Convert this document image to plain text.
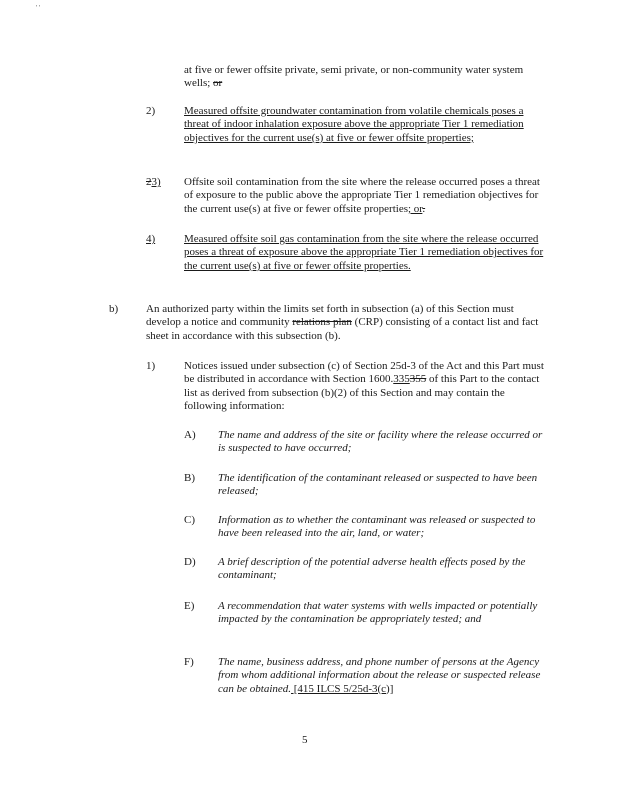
' '
at five or fewer offsite private, semi private, or non-community water system wells; or
2)	Measured offsite groundwater contamination from volatile chemicals poses a threat of indoor inhalation exposure above the appropriate Tier 1 remediation objectives for the current use(s) at five or fewer offsite properties;
23) Offsite soil contamination from the site where the release occurred poses a threat of exposure to the public above the appropriate Tier 1 remediation objectives for the current use(s) at five or fewer offsite properties; or.
4)	Measured offsite soil gas contamination from the site where the release occurred poses a threat of exposure above the appropriate Tier 1 remediation objectives for the current use(s) at five or fewer offsite properties.
b)	An authorized party within the limits set forth in subsection (a) of this Section must develop a notice and community relations plan (CRP) consisting of a contact list and fact sheet in accordance with this subsection (b).
1)	Notices issued under subsection (c) of Section 25d-3 of the Act and this Part must be distributed in accordance with Section 1600.335355 of this Part to the contact list as derived from subsection (b)(2) of this Section and may contain the following information:
A) The name and address of the site or facility where the release occurred or is suspected to have occurred;
B) The identification of the contaminant released or suspected to have been released;
C) Information as to whether the contaminant was released or suspected to have been released into the air, land, or water;
D) A brief description of the potential adverse health effects posed by the contaminant;
E) A recommendation that water systems with wells impacted or potentially impacted by the contamination be appropriately tested; and
F) The name, business address, and phone number of persons at the Agency from whom additional information about the release or suspected release can be obtained. [415 ILCS 5/25d-3(c)]
5
